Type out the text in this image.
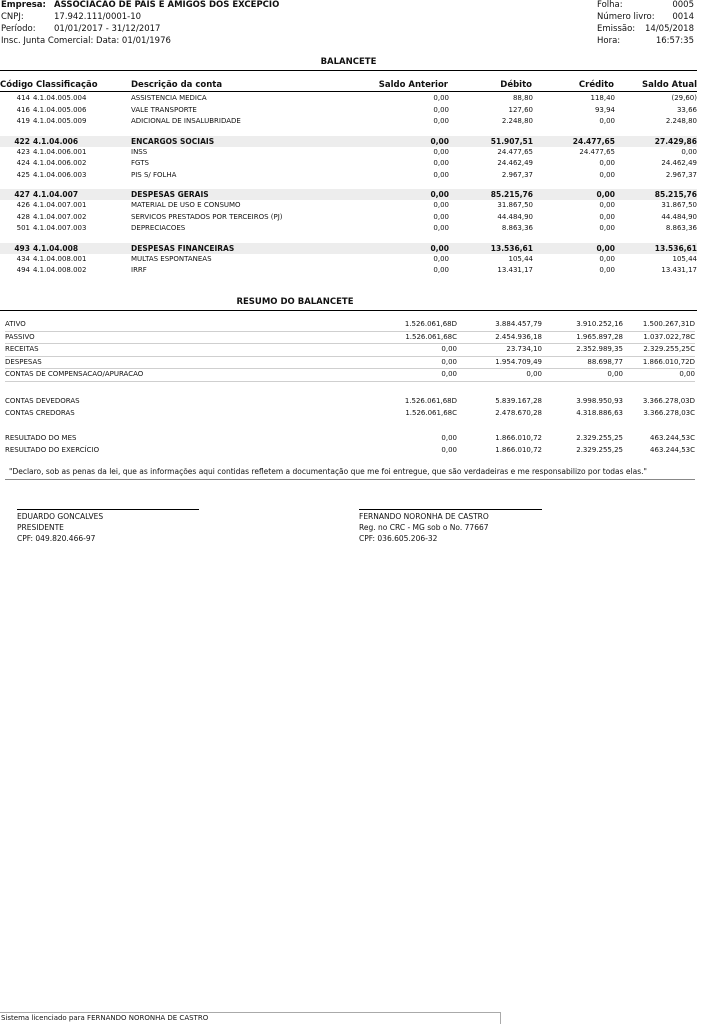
Empresa: ASSOCIACAO DE PAIS E AMIGOS DOS EXCEPCIO
CNPJ:	17.942.111/0001-10
Período: 01/01/2017 - 31/12/2017
Insc. Junta Comercial: Data: 01/01/1976
Folha:	0005
Número livro: 0014
Emissão: 14/05/2018
Hora:	16:57:35
BALANCETE
Código Classificação	Descrição da conta	Saldo Anterior	Débito	Crédito	Saldo Atual
414	4.1.04.005.004	ASSISTENCIA MEDICA	0,00	88,80	118,40	(29,60)
416	4.1.04.005.006	VALE TRANSPORTE	0,00	127,60	93,94	33,66
419	4.1.04.005.009	ADICIONAL DE INSALUBRIDADE	0,00	2.248,80	0,00	2.248,80

422	4.1.04.006	ENCARGOS SOCIAIS	0,00	51.907,51	24.477,65	27.429,86
423	4.1.04.006.001	INSS	0,00	24.477,65	24.477,65	0,00
424	4.1.04.006.002	FGTS	0,00	24.462,49	0,00	24.462,49
425	4.1.04.006.003	PIS S/ FOLHA	0,00	2.967,37	0,00	2.967,37

427	4.1.04.007	DESPESAS GERAIS	0,00	85.215,76	0,00	85.215,76
426	4.1.04.007.001	MATERIAL DE USO E CONSUMO	0,00	31.867,50	0,00	31.867,50
428	4.1.04.007.002	SERVICOS PRESTADOS POR TERCEIROS (PJ)	0,00	44.484,90	0,00	44.484,90
501	4.1.04.007.003	DEPRECIACOES	0,00	8.863,36	0,00	8.863,36

493	4.1.04.008	DESPESAS FINANCEIRAS	0,00	13.536,61	0,00	13.536,61
434	4.1.04.008.001	MULTAS ESPONTANEAS	0,00	105,44	0,00	105,44
494	4.1.04.008.002	IRRF	0,00	13.431,17	0,00	13.431,17
RESUMO DO BALANCETE
ATIVO	1.526.061,68D	3.884.457,79	3.910.252,16	1.500.267,31D
PASSIVO	1.526.061,68C	2.454.936,18	1.965.897,28	1.037.022,78C
RECEITAS	0,00	23.734,10	2.352.989,35	2.329.255,25C
DESPESAS	0,00	1.954.709,49	88.698,77	1.866.010,72D
CONTAS DE COMPENSACAO/APURACAO	0,00	0,00	0,00	0,00
CONTAS DEVEDORAS	1.526.061,68D	5.839.167,28	3.998.950,93	3.366.278,03D
CONTAS CREDORAS	1.526.061,68C	2.478.670,28	4.318.886,63	3.366.278,03C
RESULTADO DO MES	0,00	1.866.010,72	2.329.255,25	463.244,53C
RESULTADO DO EXERCÍCIO	0,00	1.866.010,72	2.329.255,25	463.244,53C
"Declaro, sob as penas da lei, que as informações aqui contidas refletem a documentação que me foi entregue, que são verdadeiras e me responsabilizo por todas elas."
EDUARDO GONCALVES
PRESIDENTE
CPF: 049.820.466-97
FERNANDO NORONHA DE CASTRO
Reg. no CRC - MG sob o No. 77667
CPF: 036.605.206-32
Sistema licenciado para FERNANDO NORONHA DE CASTRO
